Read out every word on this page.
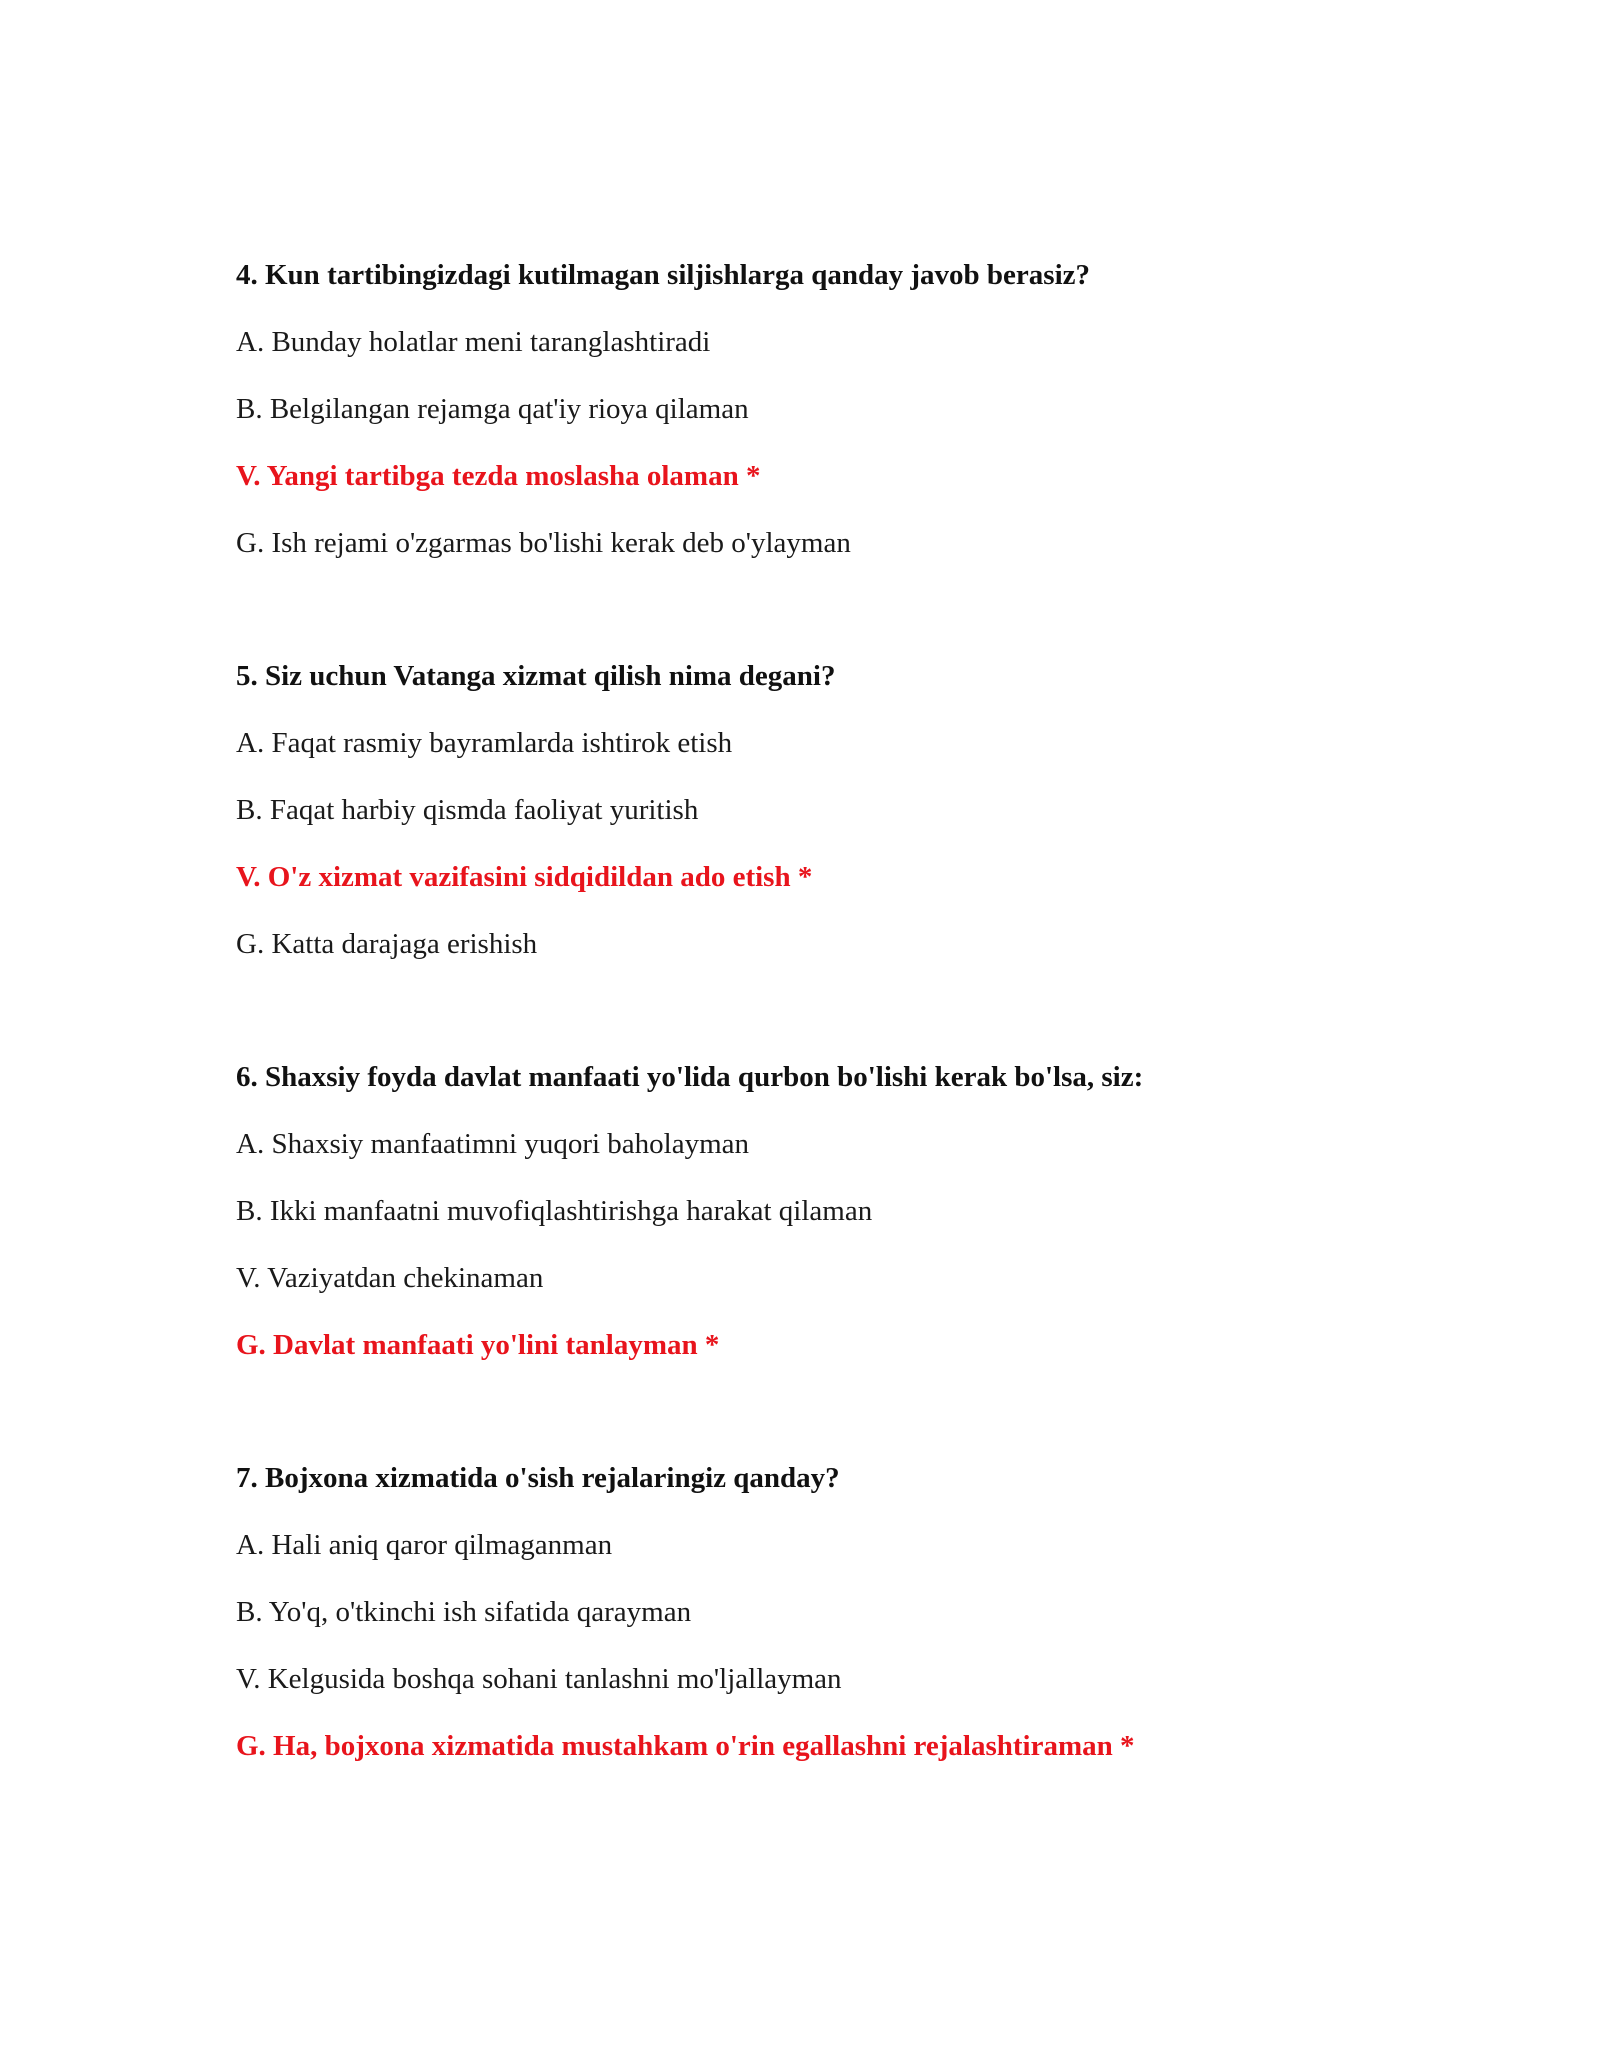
4. Kun tartibingizdagi kutilmagan siljishlarga qanday javob berasiz?
A. Bunday holatlar meni taranglashtiradi
B. Belgilangan rejamga qat'iy rioya qilaman
V. Yangi tartibga tezda moslasha olaman *
G. Ish rejami o'zgarmas bo'lishi kerak deb o'ylayman
5. Siz uchun Vatanga xizmat qilish nima degani?
A. Faqat rasmiy bayramlarda ishtirok etish
B. Faqat harbiy qismda faoliyat yuritish
V. O'z xizmat vazifasini sidqidildan ado etish *
G. Katta darajaga erishish
6. Shaxsiy foyda davlat manfaati yo'lida qurbon bo'lishi kerak bo'lsa, siz:
A. Shaxsiy manfaatimni yuqori baholayman
B. Ikki manfaatni muvofiqlashtirishga harakat qilaman
V. Vaziyatdan chekinaman
G. Davlat manfaati yo'lini tanlayman *
7. Bojxona xizmatida o'sish rejalaringiz qanday?
A. Hali aniq qaror qilmaganman
B. Yo'q, o'tkinchi ish sifatida qarayman
V. Kelgusida boshqa sohani tanlashni mo'ljallayman
G. Ha, bojxona xizmatida mustahkam o'rin egallashni rejalashtiraman *
